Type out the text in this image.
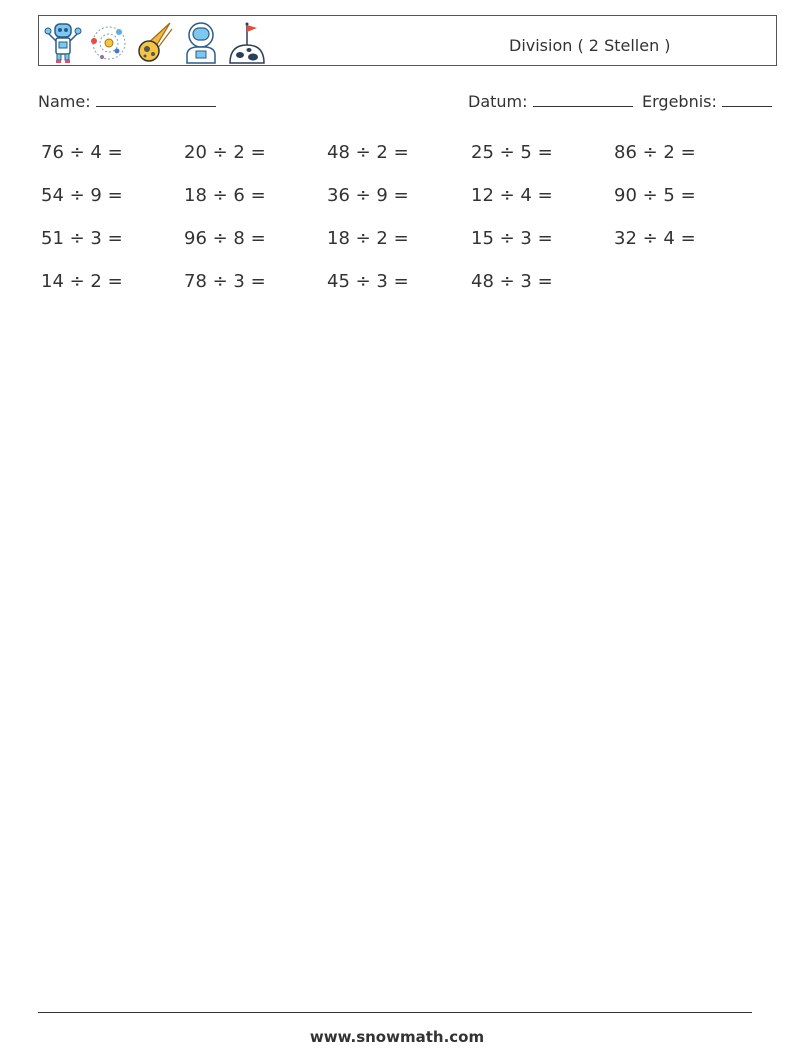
Division ( 2 Stellen )
Name:	Datum:	Ergebnis:
76 ÷ 4 =	20 ÷ 2 =	48 ÷ 2 =	25 ÷ 5 =	86 ÷ 2 =
54 ÷ 9 =	18 ÷ 6 =	36 ÷ 9 =	12 ÷ 4 =	90 ÷ 5 =
51 ÷ 3 =	96 ÷ 8 =	18 ÷ 2 =	15 ÷ 3 =	32 ÷ 4 =
14 ÷ 2 =	78 ÷ 3 =	45 ÷ 3 =	48 ÷ 3 =
www.snowmath.com
